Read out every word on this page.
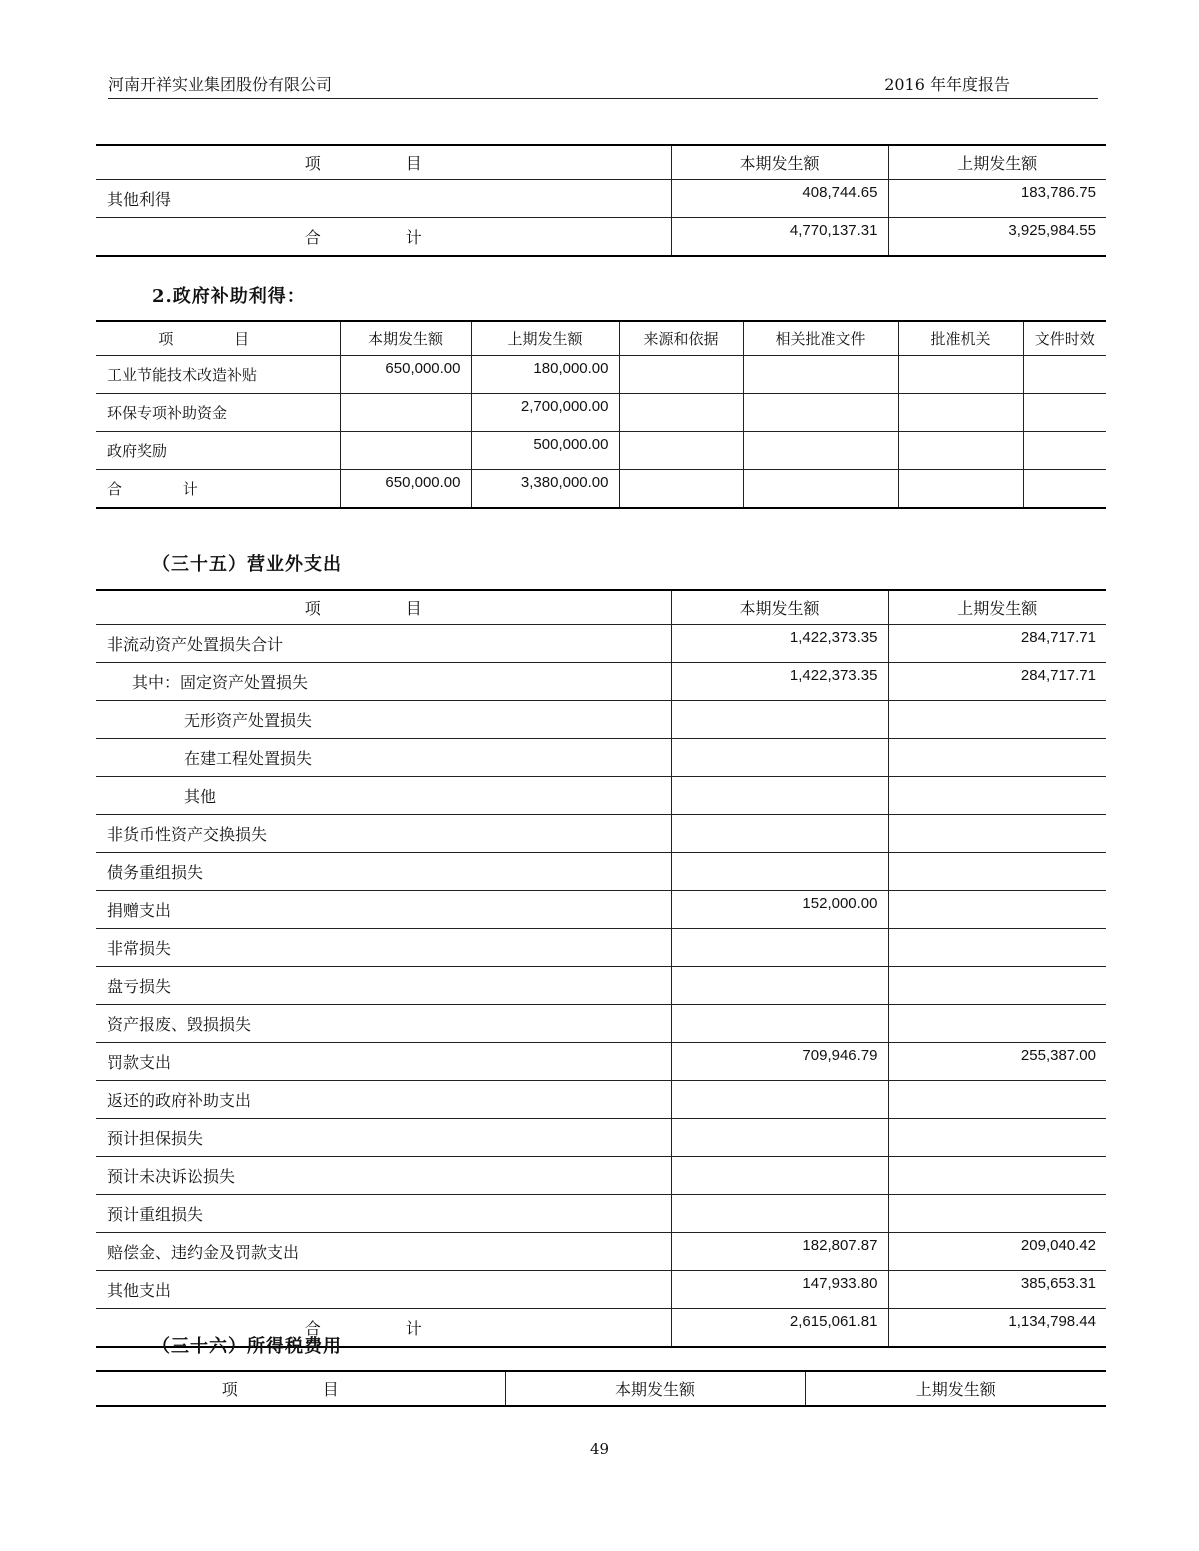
河南开祥实业集团股份有限公司	2016 年年度报告
项 目	本期发生额	上期发生额
其他利得	408,744.65	183,786.75
合 计	4,770,137.31	3,925,984.55
2.政府补助利得：
项 目	本期发生额	上期发生额	来源和依据	相关批准文件	批准机关	文件时效
工业节能技术改造补贴	650,000.00	180,000.00				
环保专项补助资金		2,700,000.00				
政府奖励		500,000.00				
合 计	650,000.00	3,380,000.00				
（三十五）营业外支出
项 目	本期发生额	上期发生额
非流动资产处置损失合计	1,422,373.35	284,717.71
其中：固定资产处置损失	1,422,373.35	284,717.71
无形资产处置损失		
在建工程处置损失		
其他		
非货币性资产交换损失		
债务重组损失		
捐赠支出	152,000.00	
非常损失		
盘亏损失		
资产报废、毁损损失		
罚款支出	709,946.79	255,387.00
返还的政府补助支出		
预计担保损失		
预计未决诉讼损失		
预计重组损失		
赔偿金、违约金及罚款支出	182,807.87	209,040.42
其他支出	147,933.80	385,653.31
合 计	2,615,061.81	1,134,798.44
（三十六）所得税费用
项 目	本期发生额	上期发生额
49
